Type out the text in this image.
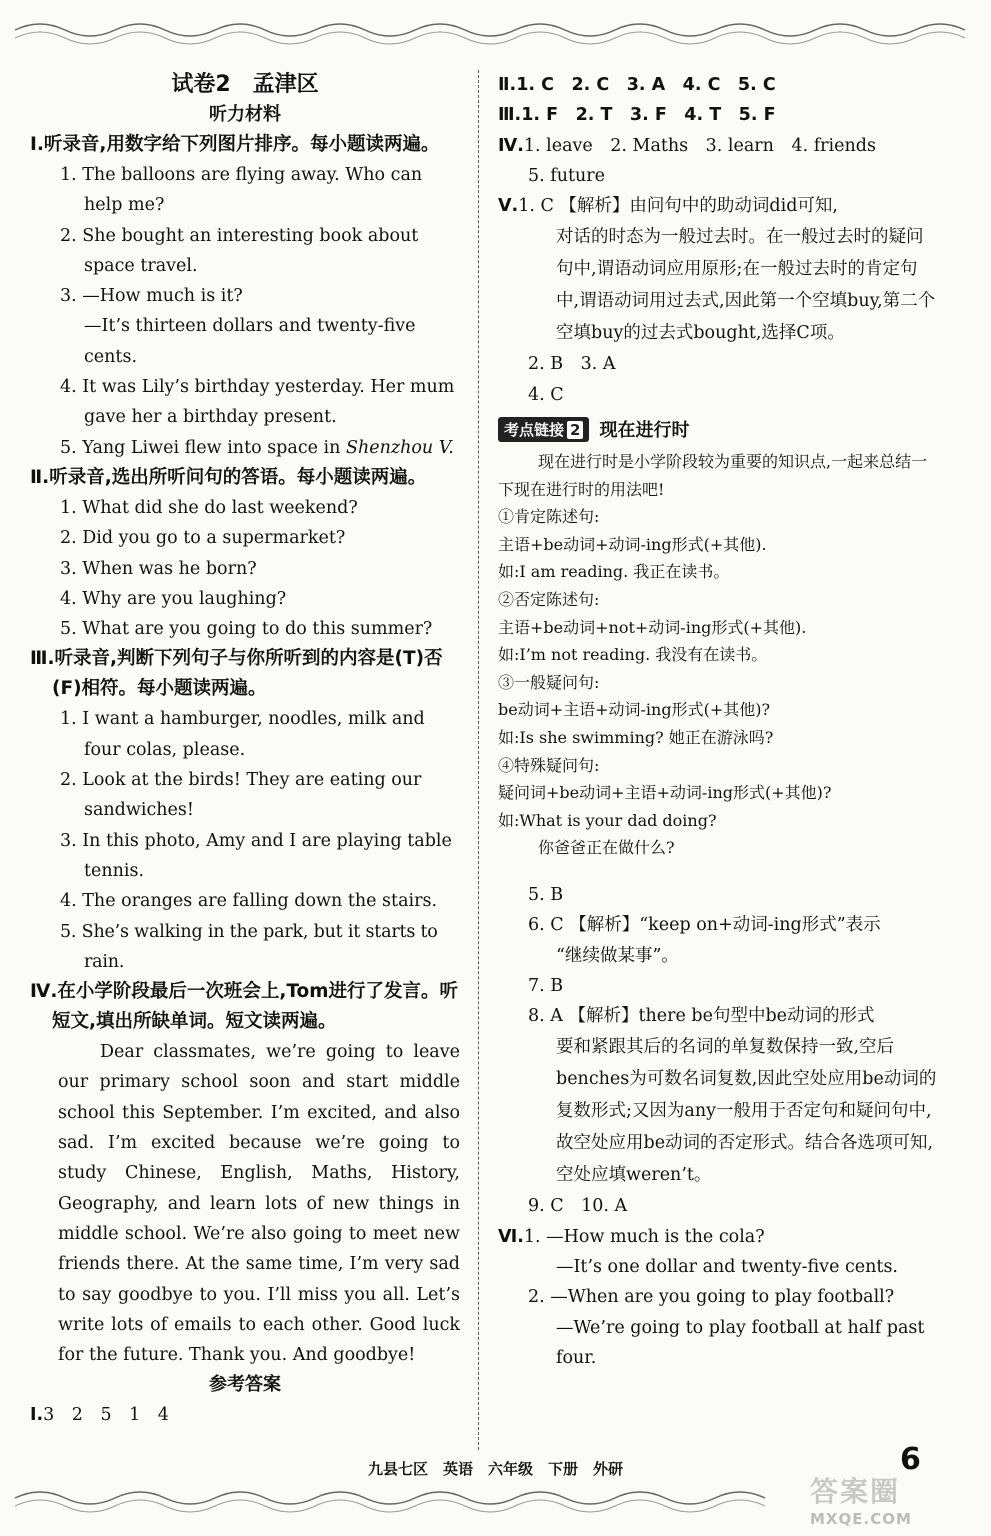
试卷2　孟津区
听力材料
Ⅰ.听录音,用数字给下列图片排序。每小题读两遍。
1. The balloons are flying away. Who can help me?
2. She bought an interesting book about space travel.
3. —How much is it?
—It’s thirteen dollars and twenty-five cents.
4. It was Lily’s birthday yesterday. Her mum gave her a birthday present.
5. Yang Liwei flew into space in Shenzhou V.
Ⅱ.听录音,选出所听问句的答语。每小题读两遍。
1. What did she do last weekend?
2. Did you go to a supermarket?
3. When was he born?
4. Why are you laughing?
5. What are you going to do this summer?
Ⅲ.听录音,判断下列句子与你所听到的内容是(T)否(F)相符。每小题读两遍。
1. I want a hamburger, noodles, milk and four colas, please.
2. Look at the birds! They are eating our sandwiches!
3. In this photo, Amy and I are playing table tennis.
4. The oranges are falling down the stairs.
5. She’s walking in the park, but it starts to rain.
Ⅳ.在小学阶段最后一次班会上,Tom进行了发言。听短文,填出所缺单词。短文读两遍。
Dear classmates, we’re going to leave our primary school soon and start middle school this September. I’m excited, and also sad. I’m excited because we’re going to study Chinese, English, Maths, History, Geography, and learn lots of new things in middle school. We’re also going to meet new friends there. At the same time, I’m very sad to say goodbye to you. I’ll miss you all. Let’s write lots of emails to each other. Good luck for the future. Thank you. And goodbye!
参考答案
Ⅰ.3　2　5　1　4
Ⅱ.1. C　2. C　3. A　4. C　5. C
Ⅲ.1. F　2. T　3. F　4. T　5. F
Ⅳ.1. leave　2. Maths　3. learn　4. friends
5. future
Ⅴ.1. C 【解析】由问句中的助动词did可知,
对话的时态为一般过去时。在一般过去时的疑问句中,谓语动词应用原形;在一般过去时的肯定句中,谓语动词用过去式,因此第一个空填buy,第二个空填buy的过去式bought,选择C项。
2. B　3. A
4. C
考点链接 2	现在进行时
现在进行时是小学阶段较为重要的知识点,一起来总结一下现在进行时的用法吧!
①肯定陈述句:
主语+be动词+动词-ing形式(+其他).
如:I am reading. 我正在读书。
②否定陈述句:
主语+be动词+not+动词-ing形式(+其他).
如:I’m not reading. 我没有在读书。
③一般疑问句:
be动词+主语+动词-ing形式(+其他)?
如:Is she swimming? 她正在游泳吗?
④特殊疑问句:
疑问词+be动词+主语+动词-ing形式(+其他)?
如:What is your dad doing?
你爸爸正在做什么?
5. B
6. C 【解析】“keep on+动词-ing形式”表示
“继续做某事”。
7. B
8. A 【解析】there be句型中be动词的形式
要和紧跟其后的名词的单复数保持一致,空后benches为可数名词复数,因此空处应用be动词的复数形式;又因为any一般用于否定句和疑问句中,故空处应用be动词的否定形式。结合各选项可知,空处应填weren’t。
9. C　10. A
Ⅵ.1. —How much is the cola?
—It’s one dollar and twenty-five cents.
2. —When are you going to play football?
—We’re going to play football at half past four.
九县七区　英语　六年级　下册　外研	6
答案圈
MXQE.COM
